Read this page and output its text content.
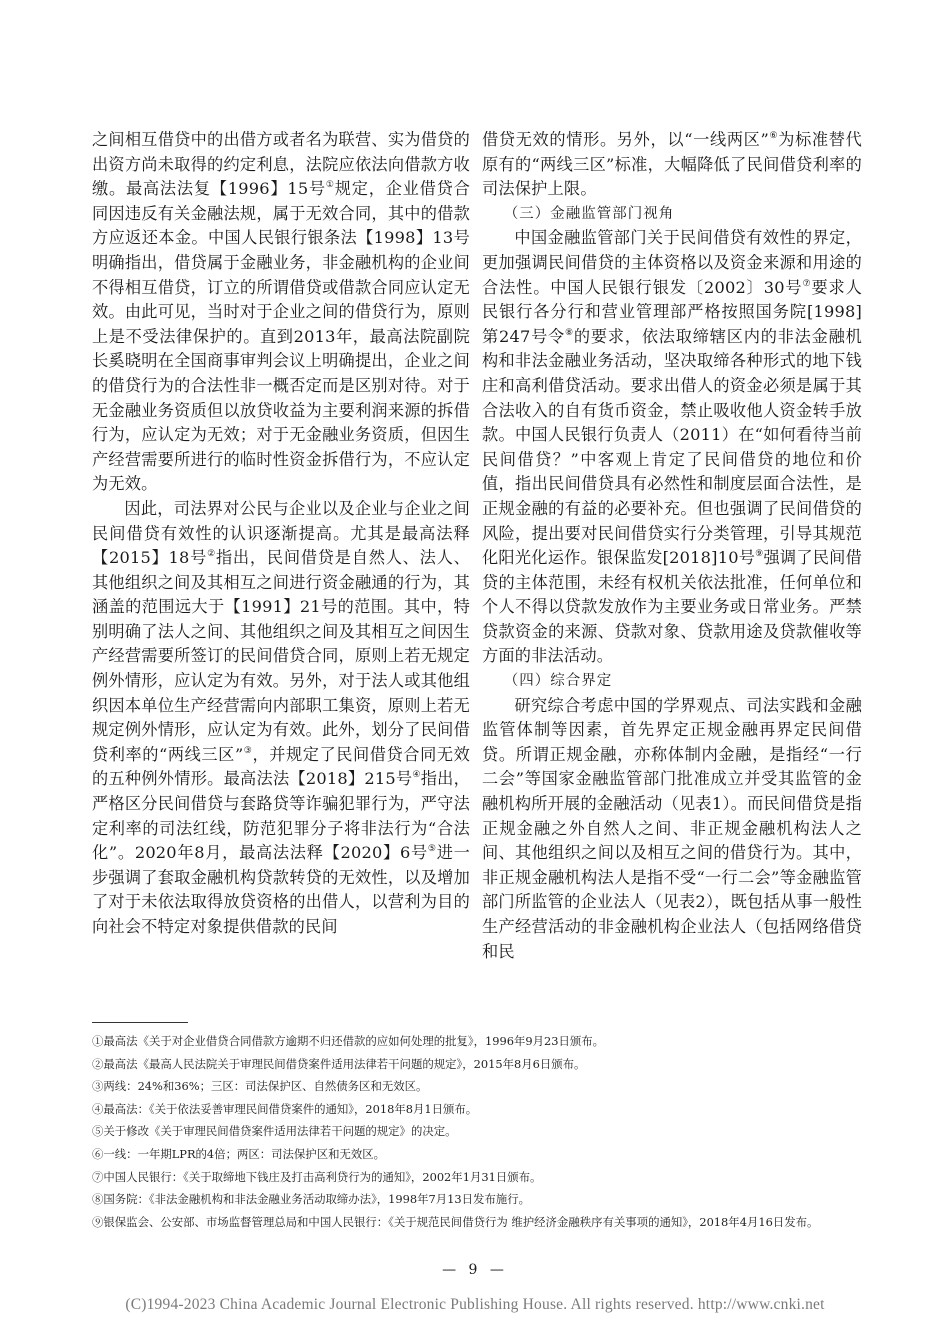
之间相互借贷中的出借方或者名为联营、实为借贷的出资方尚未取得的约定利息，法院应依法向借款方收缴。最高法法复【1996】15号①规定，企业借贷合同因违反有关金融法规，属于无效合同，其中的借款方应返还本金。中国人民银行银条法【1998】13号明确指出，借贷属于金融业务，非金融机构的企业间不得相互借贷，订立的所谓借贷或借款合同应认定无效。由此可见，当时对于企业之间的借贷行为，原则上是不受法律保护的。直到2013年，最高法院副院长奚晓明在全国商事审判会议上明确提出，企业之间的借贷行为的合法性非一概否定而是区别对待。对于无金融业务资质但以放贷收益为主要利润来源的拆借行为，应认定为无效；对于无金融业务资质，但因生产经营需要所进行的临时性资金拆借行为，不应认定为无效。

因此，司法界对公民与企业以及企业与企业之间民间借贷有效性的认识逐渐提高。尤其是最高法释【2015】18号②指出，民间借贷是自然人、法人、其他组织之间及其相互之间进行资金融通的行为，其涵盖的范围远大于【1991】21号的范围。其中，特别明确了法人之间、其他组织之间及其相互之间因生产经营需要所签订的民间借贷合同，原则上若无规定例外情形，应认定为有效。另外，对于法人或其他组织因本单位生产经营需向内部职工集资，原则上若无规定例外情形，应认定为有效。此外，划分了民间借贷利率的“两线三区”③，并规定了民间借贷合同无效的五种例外情形。最高法法【2018】215号④指出，严格区分民间借贷与套路贷等诈骗犯罪行为，严守法定利率的司法红线，防范犯罪分子将非法行为“合法化”。2020年8月，最高法法释【2020】6号⑤进一步强调了套取金融机构贷款转贷的无效性，以及增加了对于未依法取得放贷资格的出借人，以营利为目的向社会不特定对象提供借款的民间

借贷无效的情形。另外，以“一线两区”⑥为标准替代原有的“两线三区”标准，大幅降低了民间借贷利率的司法保护上限。

（三）金融监管部门视角

中国金融监管部门关于民间借贷有效性的界定，更加强调民间借贷的主体资格以及资金来源和用途的合法性。中国人民银行银发〔2002〕30号⑦要求人民银行各分行和营业管理部严格按照国务院[1998]第247号令⑧的要求，依法取缔辖区内的非法金融机构和非法金融业务活动，坚决取缔各种形式的地下钱庄和高利借贷活动。要求出借人的资金必须是属于其合法收入的自有货币资金，禁止吸收他人资金转手放款。中国人民银行负责人（2011）在“如何看待当前民间借贷？”中客观上肯定了民间借贷的地位和价值，指出民间借贷具有必然性和制度层面合法性，是正规金融的有益的必要补充。但也强调了民间借贷的风险，提出要对民间借贷实行分类管理，引导其规范化阳光化运作。银保监发[2018]10号⑨强调了民间借贷的主体范围，未经有权机关依法批准，任何单位和个人不得以贷款发放作为主要业务或日常业务。严禁贷款资金的来源、贷款对象、贷款用途及贷款催收等方面的非法活动。

（四）综合界定

研究综合考虑中国的学界观点、司法实践和金融监管体制等因素，首先界定正规金融再界定民间借贷。所谓正规金融，亦称体制内金融，是指经“一行二会”等国家金融监管部门批准成立并受其监管的金融机构所开展的金融活动（见表1）。而民间借贷是指正规金融之外自然人之间、非正规金融机构法人之间、其他组织之间以及相互之间的借贷行为。其中，非正规金融机构法人是指不受“一行二会”等金融监管部门所监管的企业法人（见表2），既包括从事一般性生产经营活动的非金融机构企业法人（包括网络借贷和民

①最高法《关于对企业借贷合同借款方逾期不归还借款的应如何处理的批复》，1996年9月23日颁布。
②最高法《最高人民法院关于审理民间借贷案件适用法律若干问题的规定》，2015年8月6日颁布。
③两线：24%和36%；三区：司法保护区、自然债务区和无效区。
④最高法：《关于依法妥善审理民间借贷案件的通知》，2018年8月1日颁布。
⑤关于修改《关于审理民间借贷案件适用法律若干问题的规定》的决定。
⑥一线：一年期LPR的4倍；两区：司法保护区和无效区。
⑦中国人民银行：《关于取缔地下钱庄及打击高利贷行为的通知》，2002年1月31日颁布。
⑧国务院：《非法金融机构和非法金融业务活动取缔办法》，1998年7月13日发布施行。
⑨银保监会、公安部、市场监督管理总局和中国人民银行：《关于规范民间借贷行为 维护经济金融秩序有关事项的通知》，2018年4月16日发布。
— 9 —
(C)1994-2023 China Academic Journal Electronic Publishing House. All rights reserved. http://www.cnki.net
